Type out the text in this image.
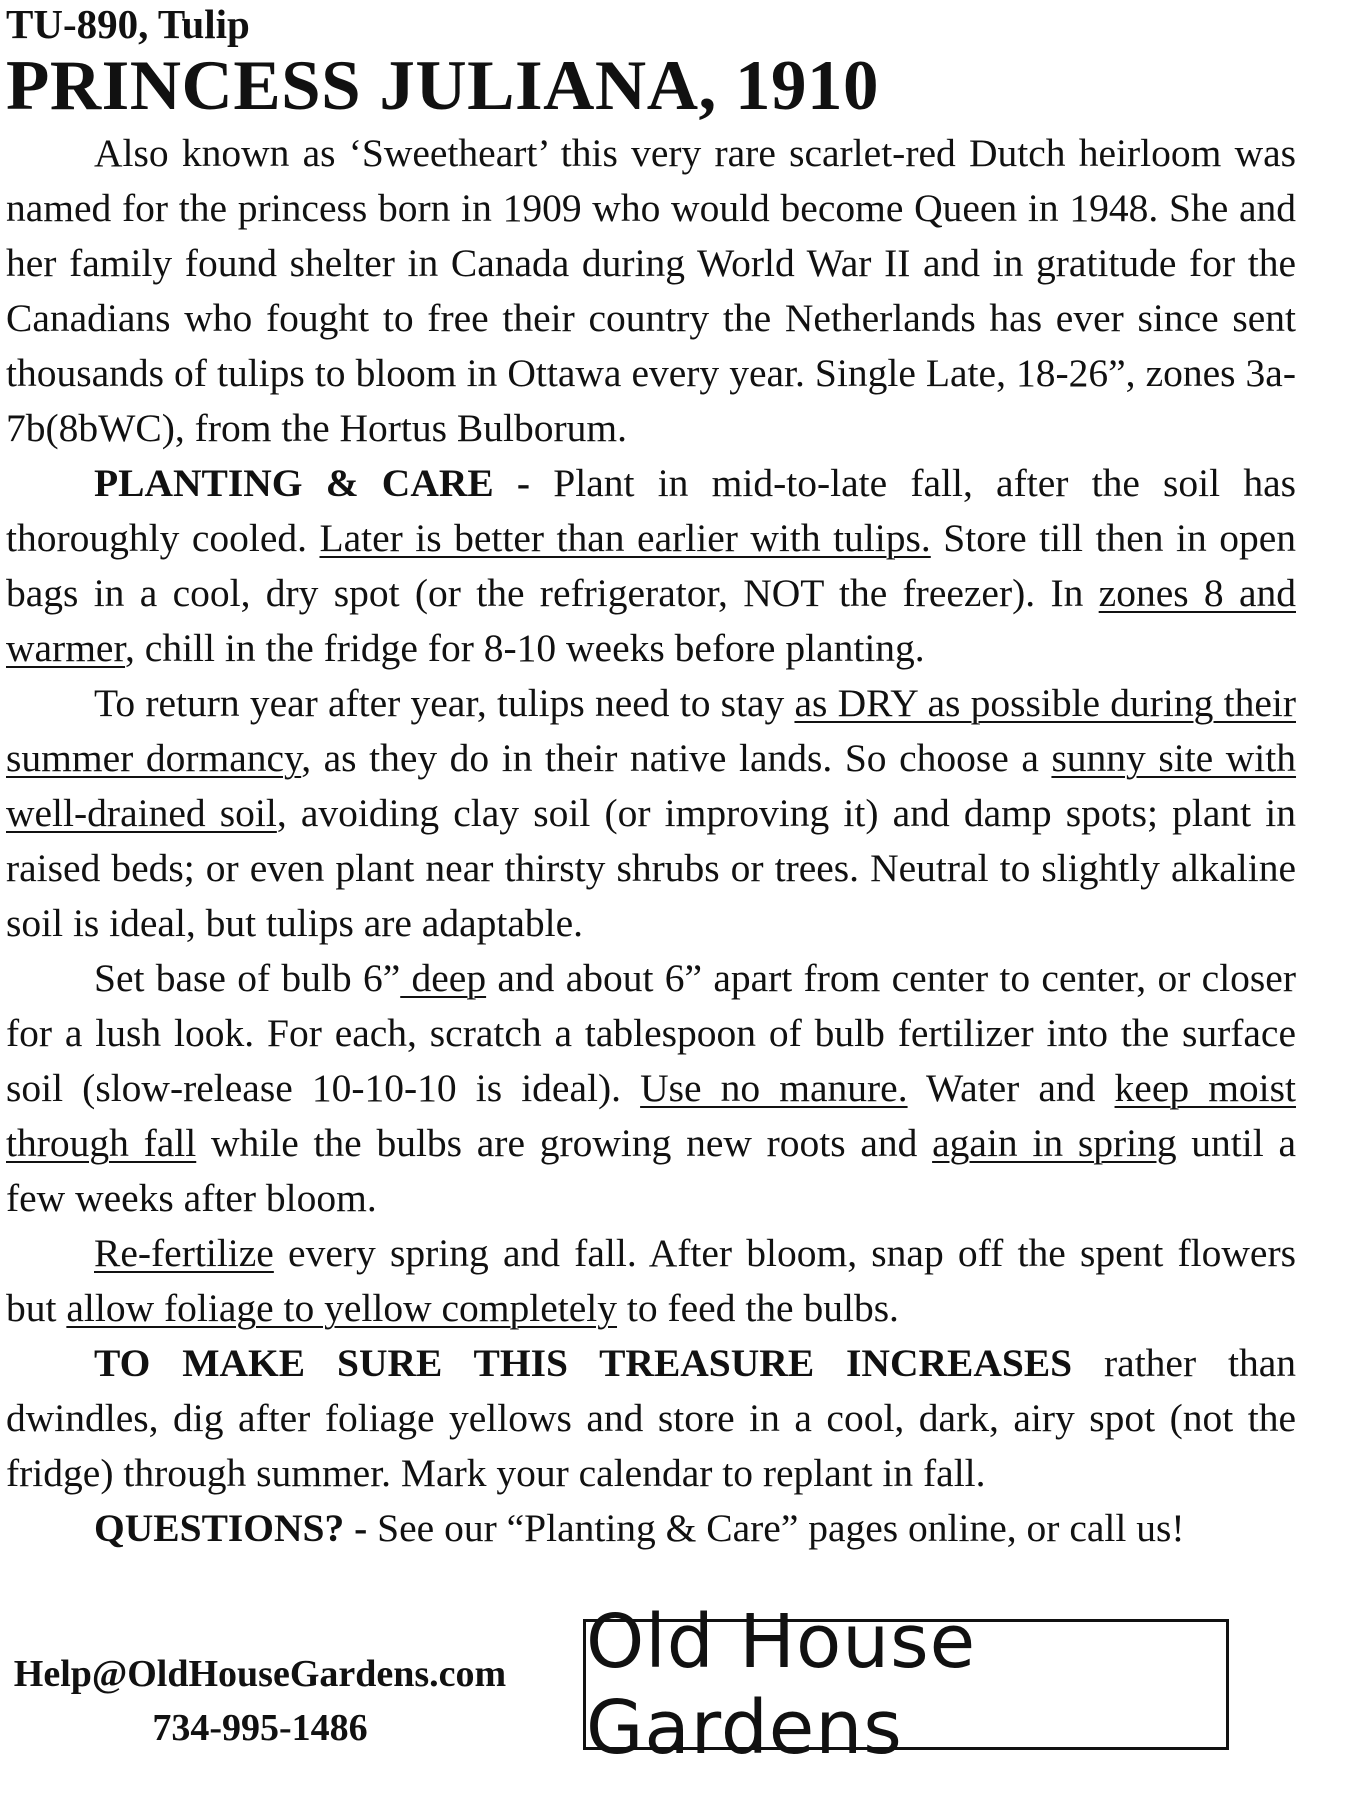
TU-890, Tulip

PRINCESS JULIANA, 1910

Also known as ‘Sweetheart’ this very rare scarlet-red Dutch heirloom was named for the princess born in 1909 who would become Queen in 1948. She and her family found shelter in Canada during World War II and in gratitude for the Canadians who fought to free their country the Netherlands has ever since sent thousands of tulips to bloom in Ottawa every year. Single Late, 18-26”, zones 3a-7b(8bWC), from the Hortus Bulborum.

PLANTING & CARE - Plant in mid-to-late fall, after the soil has thoroughly cooled. Later is better than earlier with tulips. Store till then in open bags in a cool, dry spot (or the refrigerator, NOT the freezer). In zones 8 and warmer, chill in the fridge for 8-10 weeks before planting.

To return year after year, tulips need to stay as DRY as possible during their summer dormancy, as they do in their native lands. So choose a sunny site with well-drained soil, avoiding clay soil (or improving it) and damp spots; plant in raised beds; or even plant near thirsty shrubs or trees. Neutral to slightly alkaline soil is ideal, but tulips are adaptable.

Set base of bulb 6” deep and about 6” apart from center to center, or closer for a lush look. For each, scratch a tablespoon of bulb fertilizer into the surface soil (slow-release 10-10-10 is ideal). Use no manure. Water and keep moist through fall while the bulbs are growing new roots and again in spring until a few weeks after bloom.

Re-fertilize every spring and fall. After bloom, snap off the spent flowers but allow foliage to yellow completely to feed the bulbs.

TO MAKE SURE THIS TREASURE INCREASES rather than dwindles, dig after foliage yellows and store in a cool, dark, airy spot (not the fridge) through summer. Mark your calendar to replant in fall.

QUESTIONS? - See our “Planting & Care” pages online, or call us!

Help@OldHouseGardens.com
734-995-1486
Old House Gardens
